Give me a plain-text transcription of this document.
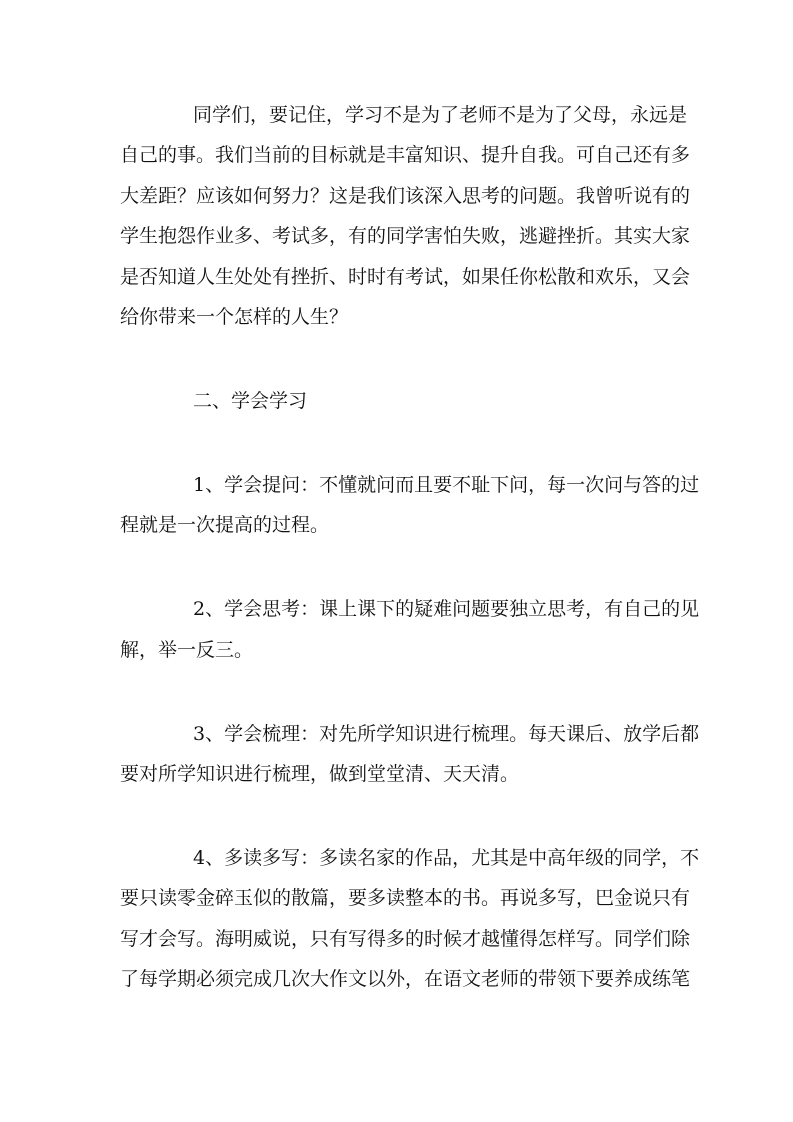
同学们，要记住，学习不是为了老师不是为了父母，永远是
自己的事。我们当前的目标就是丰富知识、提升自我。可自己还有多
大差距？应该如何努力？这是我们该深入思考的问题。我曾听说有的
学生抱怨作业多、考试多，有的同学害怕失败，逃避挫折。其实大家
是否知道人生处处有挫折、时时有考试，如果任你松散和欢乐，又会
给你带来一个怎样的人生？
二、学会学习
1、学会提问：不懂就问而且要不耻下问，每一次问与答的过
程就是一次提高的过程。
2、学会思考：课上课下的疑难问题要独立思考，有自己的见
解，举一反三。
3、学会梳理：对先所学知识进行梳理。每天课后、放学后都
要对所学知识进行梳理，做到堂堂清、天天清。
4、多读多写：多读名家的作品，尤其是中高年级的同学，不
要只读零金碎玉似的散篇，要多读整本的书。再说多写，巴金说只有
写才会写。海明威说，只有写得多的时候才越懂得怎样写。同学们除
了每学期必须完成几次大作文以外，在语文老师的带领下要养成练笔
